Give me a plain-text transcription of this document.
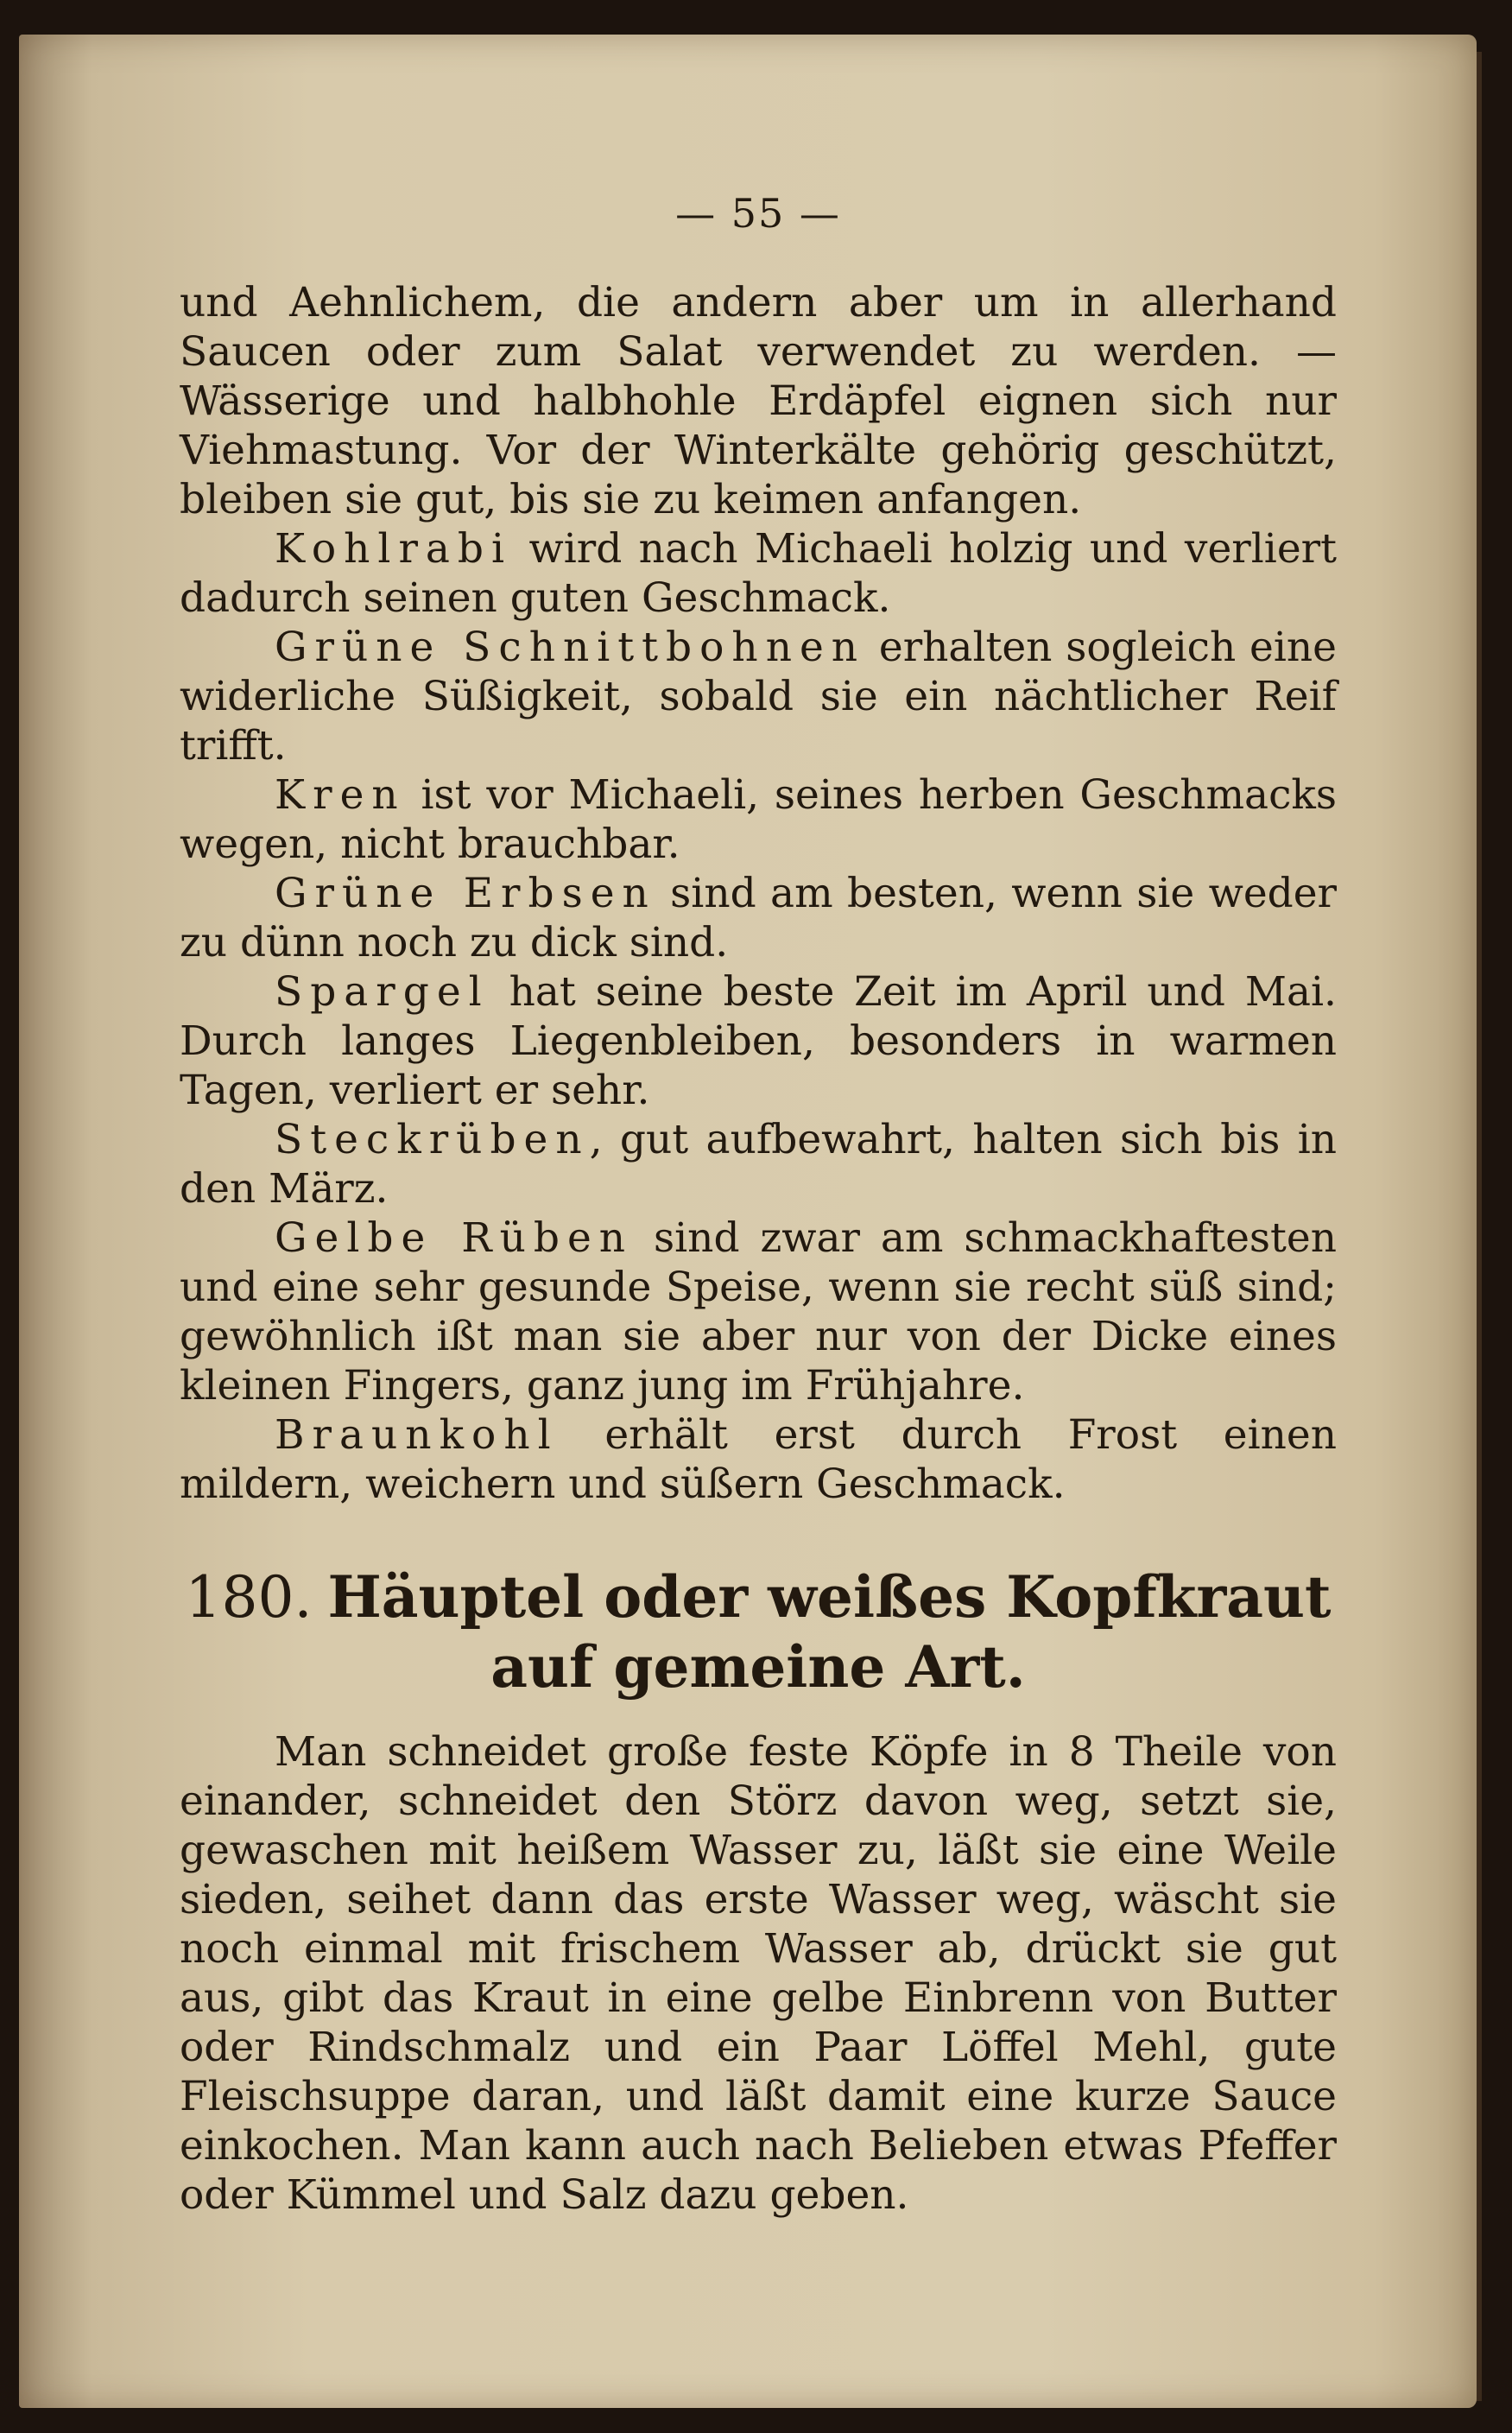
— 55 —

und Aehnlichem, die andern aber um in allerhand Saucen oder zum Salat verwendet zu werden. — Wässerige und halbhohle Erdäpfel eignen sich nur Viehmastung. Vor der Winterkälte gehörig geschützt, bleiben sie gut, bis sie zu keimen anfangen.

Kohlrabi wird nach Michaeli holzig und verliert dadurch seinen guten Geschmack.

Grüne Schnittbohnen erhalten sogleich eine widerliche Süßigkeit, sobald sie ein nächtlicher Reif trifft.

Kren ist vor Michaeli, seines herben Geschmacks wegen, nicht brauchbar.

Grüne Erbsen sind am besten, wenn sie weder zu dünn noch zu dick sind.

Spargel hat seine beste Zeit im April und Mai. Durch langes Liegenbleiben, besonders in warmen Tagen, verliert er sehr.

Steckrüben, gut aufbewahrt, halten sich bis in den März.

Gelbe Rüben sind zwar am schmackhaftesten und eine sehr gesunde Speise, wenn sie recht süß sind; gewöhnlich ißt man sie aber nur von der Dicke eines kleinen Fingers, ganz jung im Frühjahre.

Braunkohl erhält erst durch Frost einen mildern, weichern und süßern Geschmack.

180. Häuptel oder weißes Kopfkraut auf gemeine Art.

Man schneidet große feste Köpfe in 8 Theile von einander, schneidet den Störz davon weg, setzt sie, gewaschen mit heißem Wasser zu, läßt sie eine Weile sieden, seihet dann das erste Wasser weg, wäscht sie noch einmal mit frischem Wasser ab, drückt sie gut aus, gibt das Kraut in eine gelbe Einbrenn von Butter oder Rindschmalz und ein Paar Löffel Mehl, gute Fleischsuppe daran, und läßt damit eine kurze Sauce einkochen. Man kann auch nach Belieben etwas Pfeffer oder Kümmel und Salz dazu geben.
